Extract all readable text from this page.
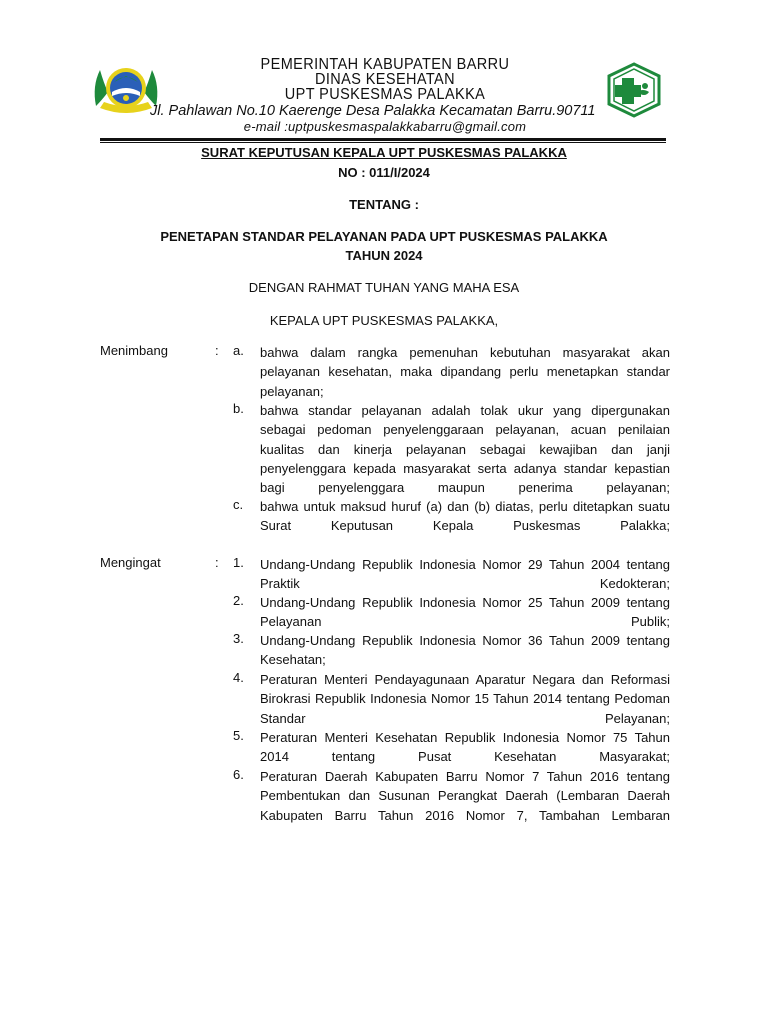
PEMERINTAH KABUPATEN BARRU
DINAS KESEHATAN
UPT PUSKESMAS PALAKKA
Jl. Pahlawan No.10 Kaerenge Desa Palakka Kecamatan Barru.90711
e-mail :uptpuskesmaspalakkabarru@gmail.com
SURAT KEPUTUSAN KEPALA UPT PUSKESMAS PALAKKA
NO : 011/I/2024
TENTANG :
PENETAPAN STANDAR PELAYANAN PADA UPT PUSKESMAS PALAKKA
TAHUN 2024
DENGAN RAHMAT TUHAN YANG MAHA ESA
KEPALA UPT PUSKESMAS PALAKKA,
Menimbang	: a. bahwa dalam rangka pemenuhan kebutuhan masyarakat akan pelayanan kesehatan, maka dipandang perlu menetapkan standar pelayanan;
b. bahwa standar pelayanan adalah tolak ukur yang dipergunakan sebagai pedoman penyelenggaraan pelayanan, acuan penilaian kualitas dan kinerja pelayanan sebagai kewajiban dan janji penyelenggara kepada masyarakat serta adanya standar kepastian bagi penyelenggara maupun penerima pelayanan;
c. bahwa untuk maksud huruf (a) dan (b) diatas, perlu ditetapkan suatu Surat Keputusan Kepala Puskesmas Palakka;
Mengingat	: 1. Undang-Undang Republik Indonesia Nomor 29 Tahun 2004 tentang Praktik Kedokteran;
2. Undang-Undang Republik Indonesia Nomor 25 Tahun 2009 tentang Pelayanan Publik;
3. Undang-Undang Republik Indonesia Nomor 36 Tahun 2009 tentang Kesehatan;
4. Peraturan Menteri Pendayagunaan Aparatur Negara dan Reformasi Birokrasi Republik Indonesia Nomor 15 Tahun 2014 tentang Pedoman Standar Pelayanan;
5. Peraturan Menteri Kesehatan Republik Indonesia Nomor 75 Tahun 2014 tentang Pusat Kesehatan Masyarakat;
6. Peraturan Daerah Kabupaten Barru Nomor 7 Tahun 2016 tentang Pembentukan dan Susunan Perangkat Daerah (Lembaran Daerah Kabupaten Barru Tahun 2016 Nomor 7, Tambahan Lembaran
